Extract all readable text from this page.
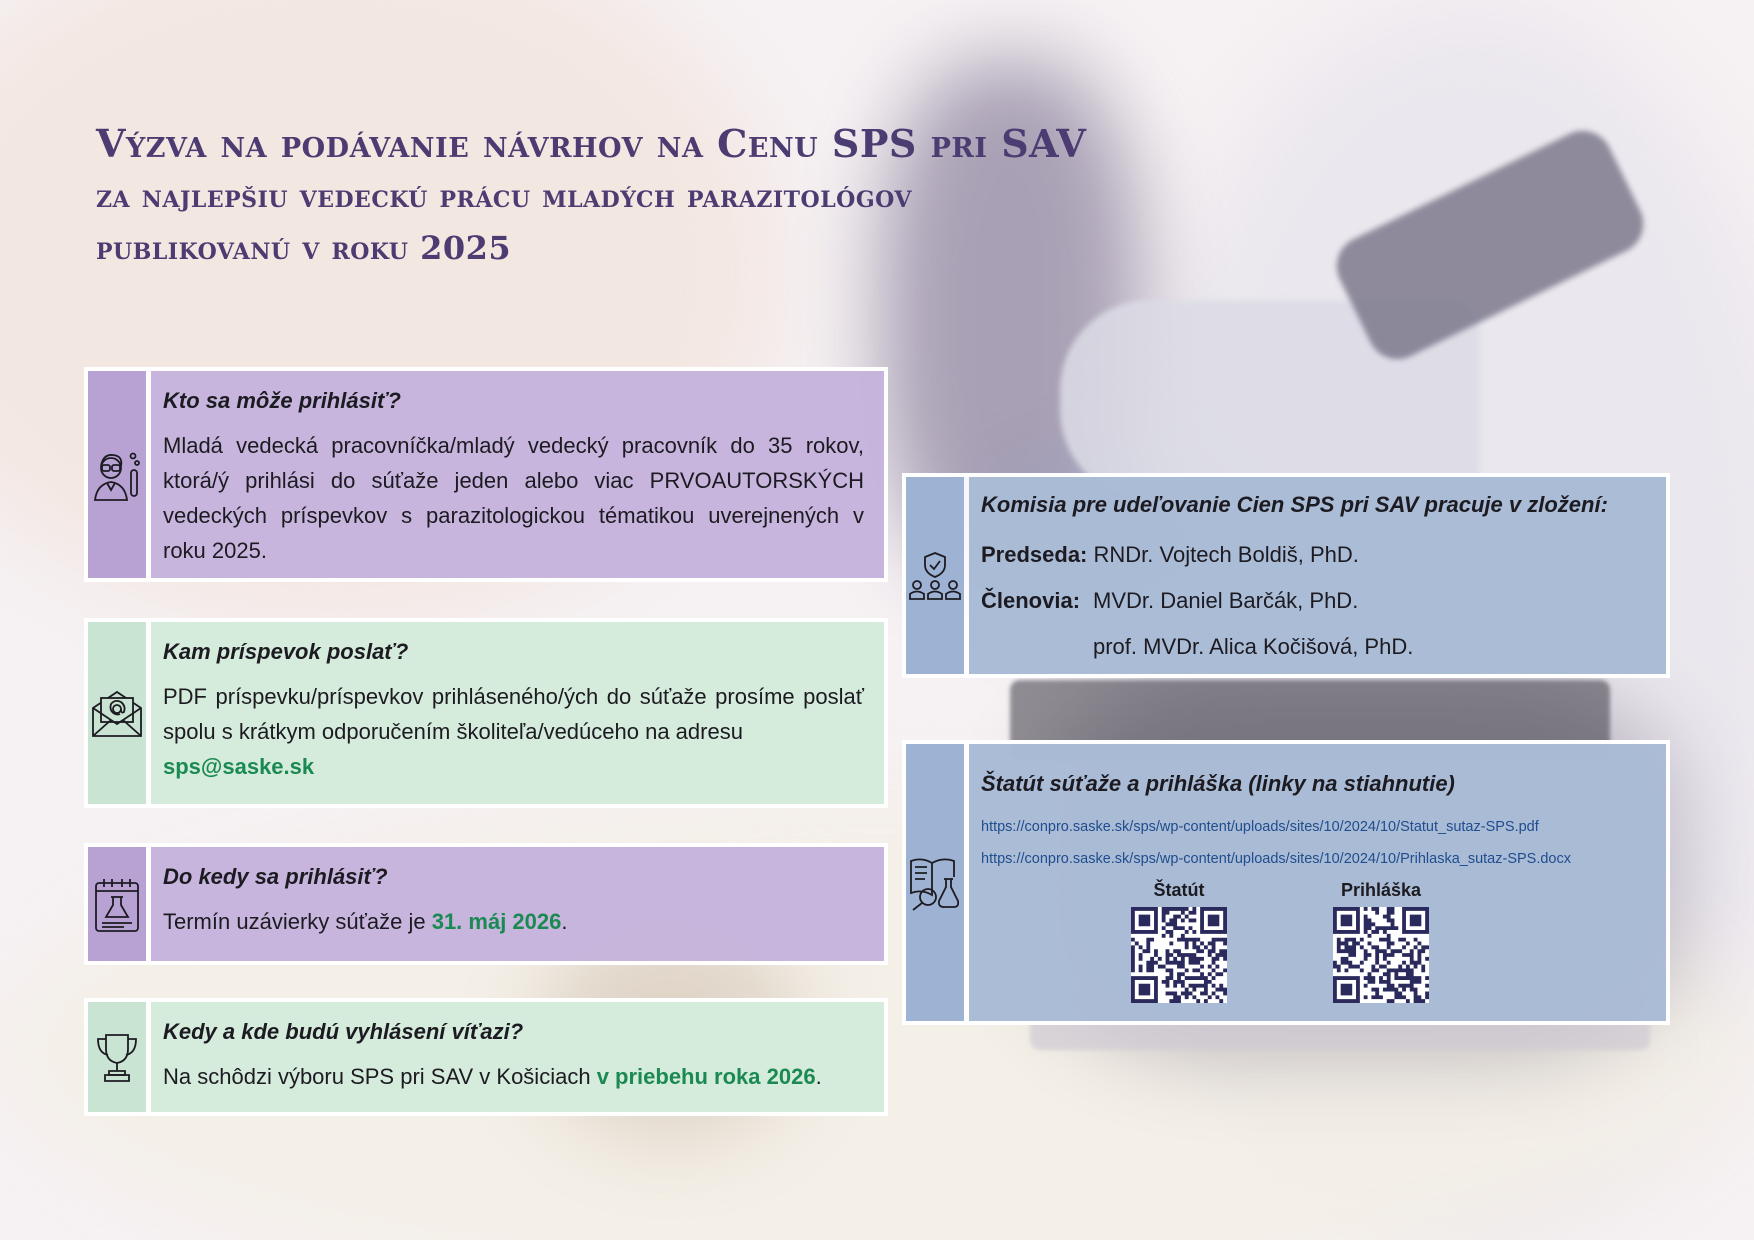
Výzva na podávanie návrhov na Cenu SPS pri SAV
za najlepšiu vedeckú prácu mladých parazitológov
publikovanú v roku 2025
Kto sa môže prihlásiť?
Mladá vedecká pracovníčka/mladý vedecký pracovník do 35 rokov, ktorá/ý prihlási do súťaže jeden alebo viac PRVOAUTORSKÝCH vedeckých príspevkov s parazitologickou tématikou uverejnených v roku 2025.
Kam príspevok poslať?
PDF príspevku/príspevkov prihláseného/ých do súťaže prosíme poslať spolu s krátkym odporučením školiteľa/vedúceho na adresu
sps@saske.sk
Do kedy sa prihlásiť?
Termín uzávierky súťaže je 31. máj 2026.
Kedy a kde budú vyhlásení víťazi?
Na schôdzi výboru SPS pri SAV v Košiciach v priebehu roka 2026.
Komisia pre udeľovanie Cien SPS pri SAV pracuje v zložení:
Predseda: RNDr. Vojtech Boldiš, PhD.
Členovia: MVDr. Daniel Barčák, PhD.
prof. MVDr. Alica Kočišová, PhD.
Štatút súťaže a prihláška (linky na stiahnutie)
https://conpro.saske.sk/sps/wp-content/uploads/sites/10/2024/10/Statut_sutaz-SPS.pdf
https://conpro.saske.sk/sps/wp-content/uploads/sites/10/2024/10/Prihlaska_sutaz-SPS.docx
Štatút	Prihláška
